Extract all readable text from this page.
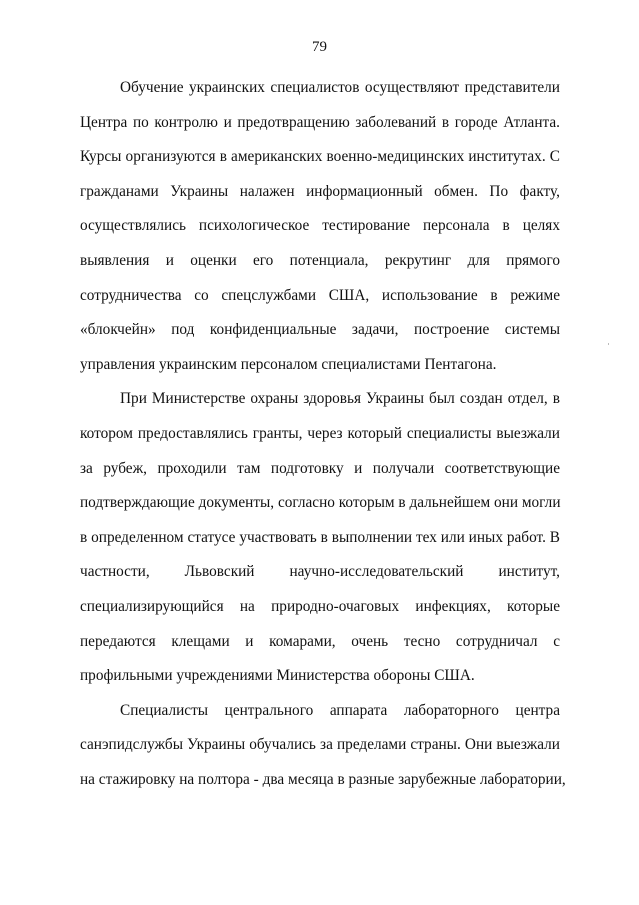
79
Обучение украинских специалистов осуществляют представители
Центра по контролю и предотвращению заболеваний в городе Атланта.
Курсы организуются в американских военно-медицинских институтах. С
гражданами Украины налажен информационный обмен. По факту,
осуществлялись психологическое тестирование персонала в целях
выявления и оценки его потенциала, рекрутинг для прямого
сотрудничества со спецслужбами США, использование в режиме
«блокчейн» под конфиденциальные задачи, построение системы
управления украинским персоналом специалистами Пентагона.
При Министерстве охраны здоровья Украины был создан отдел, в
котором предоставлялись гранты, через который специалисты выезжали
за рубеж, проходили там подготовку и получали соответствующие
подтверждающие документы, согласно которым в дальнейшем они могли
в определенном статусе участвовать в выполнении тех или иных работ. В
частности, Львовский научно-исследовательский институт,
специализирующийся на природно-очаговых инфекциях, которые
передаются клещами и комарами, очень тесно сотрудничал с
профильными учреждениями Министерства обороны США.
Специалисты центрального аппарата лабораторного центра
санэпидслужбы Украины обучались за пределами страны. Они выезжали
на стажировку на полтора - два месяца в разные зарубежные лаборатории,
